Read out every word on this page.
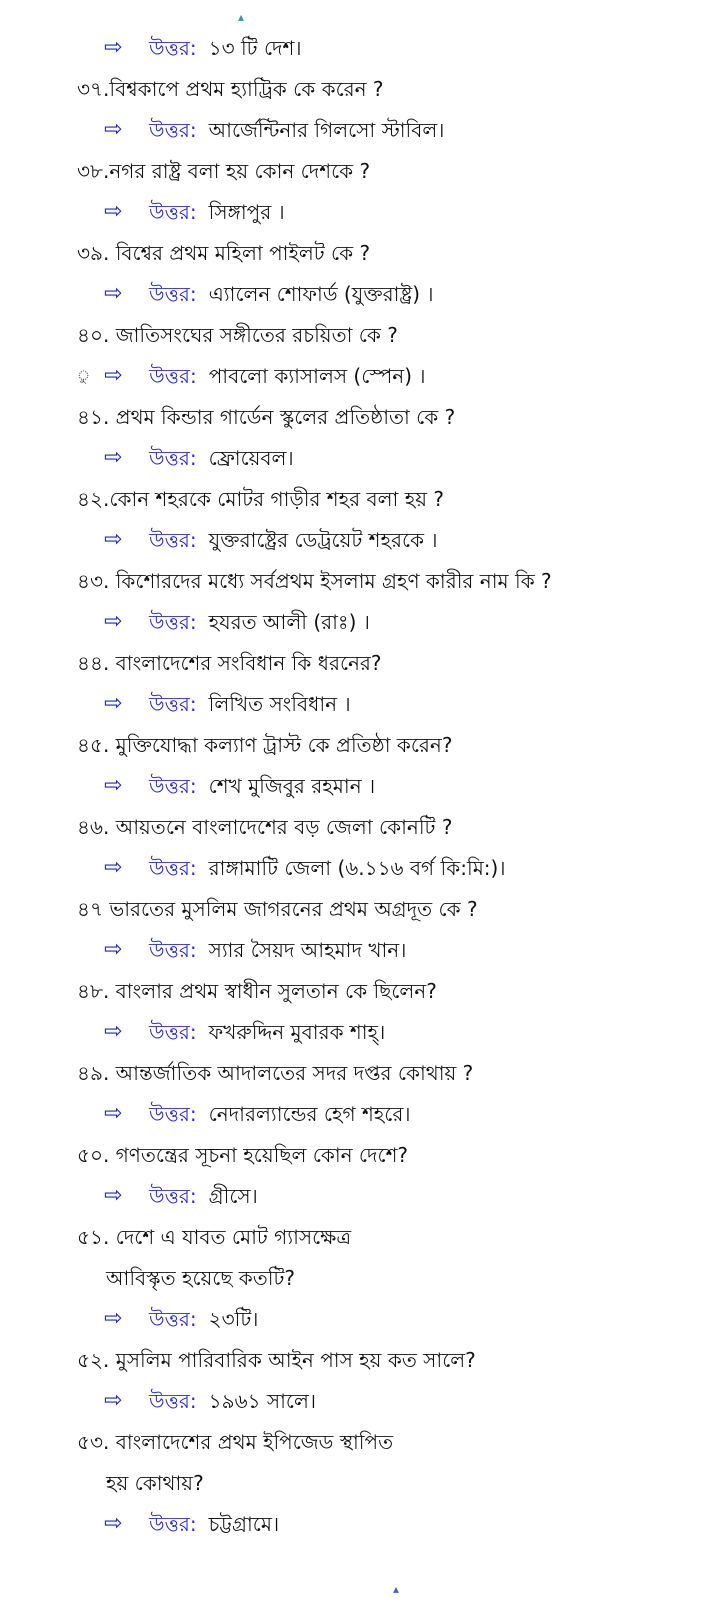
▴
⇨	উত্তর: ১৩ টি দেশ।
৩৭.বিশ্বকাপে প্রথম হ্যাট্রিক কে করেন ?
⇨	উত্তর: আর্জেন্টিনার গিলসো স্টাবিল।
৩৮.নগর রাষ্ট্র বলা হয় কোন দেশকে ?
⇨	উত্তর: সিঙ্গাপুর ।
৩৯. বিশ্বের প্রথম মহিলা পাইলট কে ?
⇨	উত্তর: এ্যালেন শোফার্ড (যুক্তরাষ্ট্র) ।
৪০. জাতিসংঘের সঙ্গীতের রচয়িতা কে ?
ু ⇨	উত্তর: পাবলো ক্যাসালস (স্পেন) ।
৪১. প্রথম কিন্ডার গার্ডেন স্কুলের প্রতিষ্ঠাতা কে ?
⇨	উত্তর: ফ্রোয়েবল।
৪২.কোন শহরকে মোটর গাড়ীর শহর বলা হয় ?
⇨	উত্তর: যুক্তরাষ্ট্রের ডেট্রয়েট শহরকে ।
৪৩. কিশোরদের মধ্যে সর্বপ্রথম ইসলাম গ্রহণ কারীর নাম কি ?
⇨	উত্তর: হযরত আলী (রাঃ) ।
৪৪. বাংলাদেশের সংবিধান কি ধরনের?
⇨	উত্তর: লিখিত সংবিধান ।
৪৫. মুক্তিযোদ্ধা কল্যাণ ট্রাস্ট কে প্রতিষ্ঠা করেন?
⇨	উত্তর: শেখ মুজিবুর রহমান ।
৪৬. আয়তনে বাংলাদেশের বড় জেলা কোনটি ?
⇨	উত্তর: রাঙ্গামাটি জেলা (৬.১১৬ বর্গ কি:মি:)।
৪৭ ভারতের মুসলিম জাগরনের প্রথম অগ্রদূত কে ?
⇨	উত্তর: স্যার সৈয়দ আহমাদ খান।
৪৮. বাংলার প্রথম স্বাধীন সুলতান কে ছিলেন?
⇨	উত্তর: ফখরুদ্দিন মুবারক শাহ্।
৪৯. আন্তর্জাতিক আদালতের সদর দপ্তর কোথায় ?
⇨	উত্তর: নেদারল্যান্ডের হেগ শহরে।
৫০. গণতন্ত্রের সূচনা হয়েছিল কোন দেশে?
⇨	উত্তর: গ্রীসে।
৫১. দেশে এ যাবত মোট গ্যাসক্ষেত্র
আবিস্কৃত হয়েছে কতটি?
⇨	উত্তর: ২৩টি।
৫২. মুসলিম পারিবারিক আইন পাস হয় কত সালে?
⇨	উত্তর: ১৯৬১ সালে।
৫৩. বাংলাদেশের প্রথম ইপিজেড স্থাপিত
হয় কোথায়?
⇨	উত্তর: চট্টগ্রামে।
▴
